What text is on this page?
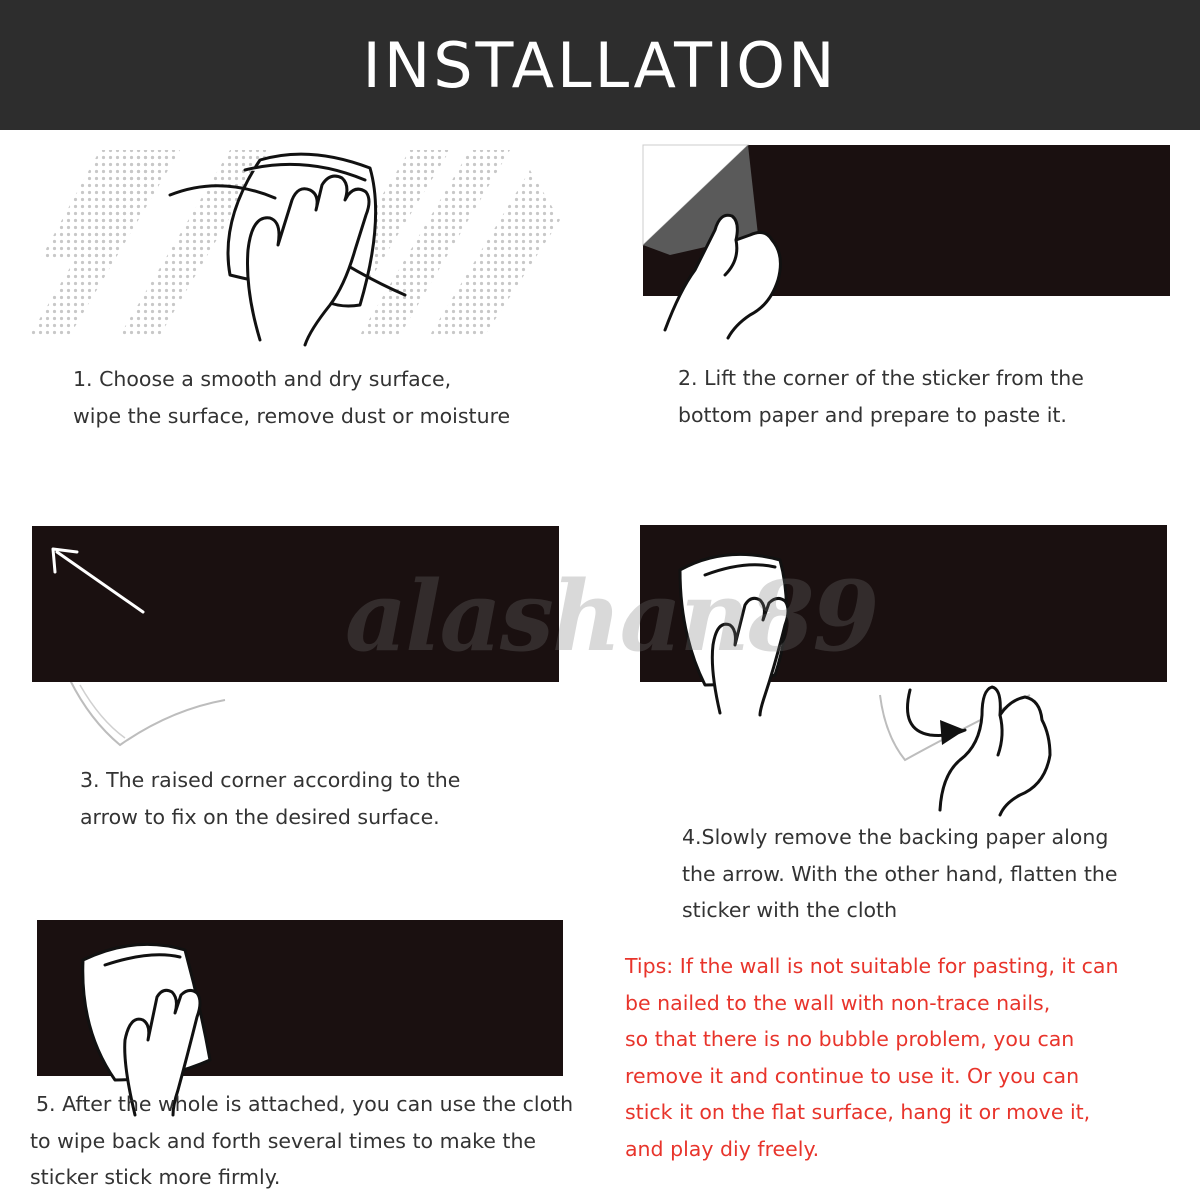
INSTALLATION
1. Choose a smooth and dry surface,
wipe the surface, remove dust or moisture
2. Lift the corner of the sticker from the
bottom paper and prepare to paste it.
3. The raised corner according to the
arrow to fix on the desired surface.
4.Slowly remove the backing paper along
the arrow. With the other hand, flatten the
sticker with the cloth
5. After the whole is attached, you can use the cloth
to wipe back and forth several times to make the
sticker stick more firmly.
Tips: If the wall is not suitable for pasting, it can
be nailed to the wall with non-trace nails,
so that there is no bubble problem, you can
remove it and continue to use it. Or you can
stick it on the flat surface, hang it or move it,
and play diy freely.
alashan89
